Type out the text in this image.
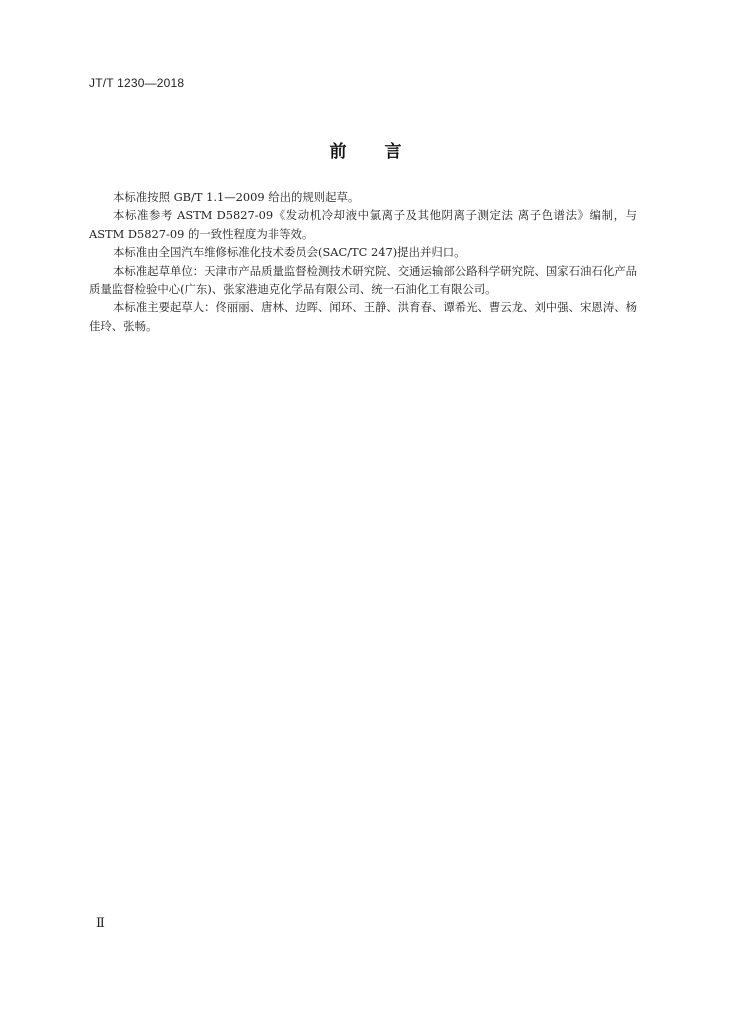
JT/T 1230—2018
前 言

本标准按照 GB/T 1.1—2009 给出的规则起草。

本标准参考 ASTM D5827-09《发动机冷却液中氯离子及其他阴离子测定法 离子色谱法》编制，与 ASTM D5827-09 的一致性程度为非等效。

本标准由全国汽车维修标准化技术委员会(SAC/TC 247)提出并归口。

本标准起草单位：天津市产品质量监督检测技术研究院、交通运输部公路科学研究院、国家石油石化产品质量监督检验中心(广东)、张家港迪克化学品有限公司、统一石油化工有限公司。

本标准主要起草人：佟丽丽、唐林、边晖、闻环、王静、洪育春、谭希光、曹云龙、刘中强、宋恩涛、杨佳玲、张畅。

Ⅱ
